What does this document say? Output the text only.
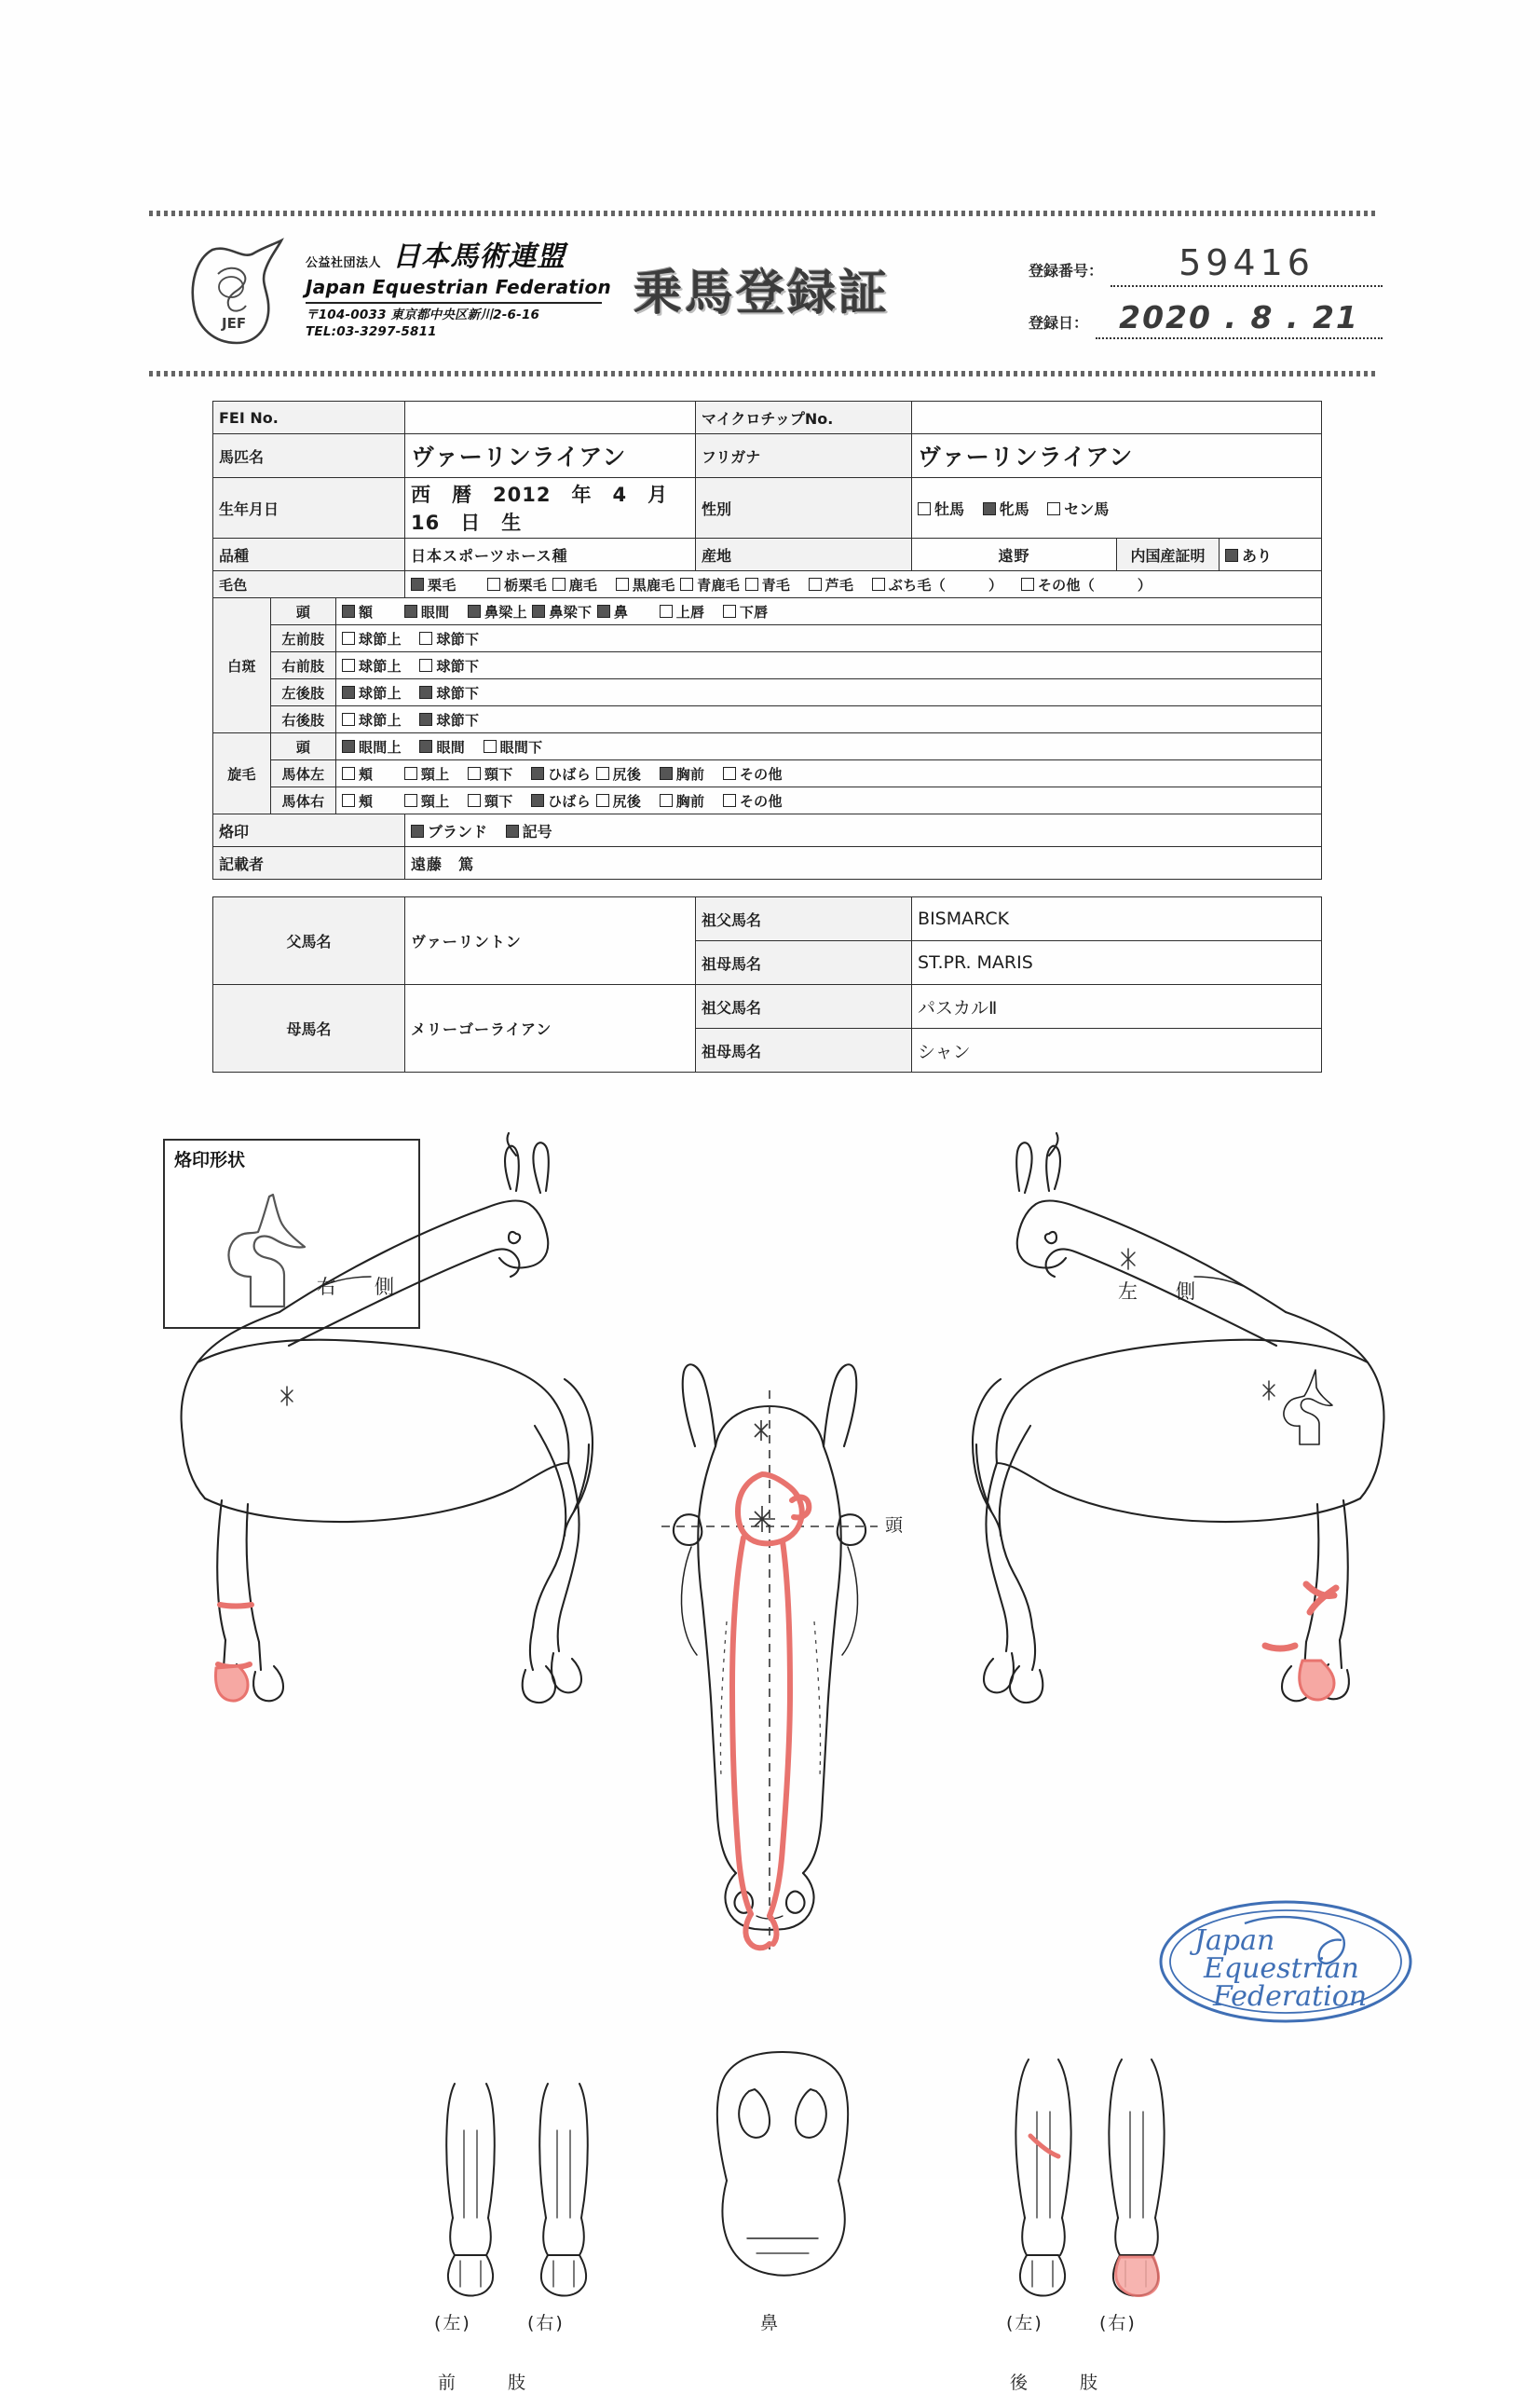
JEF
公益社団法人 日本馬術連盟
Japan Equestrian Federation
〒104-0033 東京都中央区新川2-6-16
TEL:03-3297-5811
乗馬登録証	登録番号：	59416
登録日：	2020 . 8 . 21
FEI No.				マイクロチップNo.			
馬匹名			ヴァーリンライアン	フリガナ	ヴァーリンライアン		
生年月日			西　暦　2012　年　4　月　16　日　生	性別	牡馬 牝馬 セン馬		
品種			日本スポーツホース種	産地	遠野	内国産証明	あり
毛色			栗毛 栃栗毛 鹿毛 黒鹿毛 青鹿毛 青毛 芦毛 ぶち毛（　　　） その他（　　　）				
白斑	頭	額 眼間 鼻梁上 鼻梁下 鼻 上唇 下唇					
	左前肢	球節上 球節下					
	右前肢	球節上 球節下					
	左後肢	球節上 球節下					
	右後肢	球節上 球節下					
旋毛	頭	眼間上 眼間 眼間下					
	馬体左	頬 頸上 頸下 ひばら 尻後 胸前 その他					
	馬体右	頬 頸上 頸下 ひばら 尻後 胸前 その他					
烙印			ブランド 記号				
記載者			遠藤　篤				

父馬名			ヴァーリントン	祖父馬名	BISMARCK		
				祖母馬名	ST.PR. MARIS		
母馬名			メリーゴーライアン	祖父馬名	パスカルⅡ		
				祖母馬名	シャン		
烙印形状
右　側	左　側
頭
(左)	(右)
前　　肢
鼻	(左)	(右)
後　　肢
Japan
Equestrian
Federation
